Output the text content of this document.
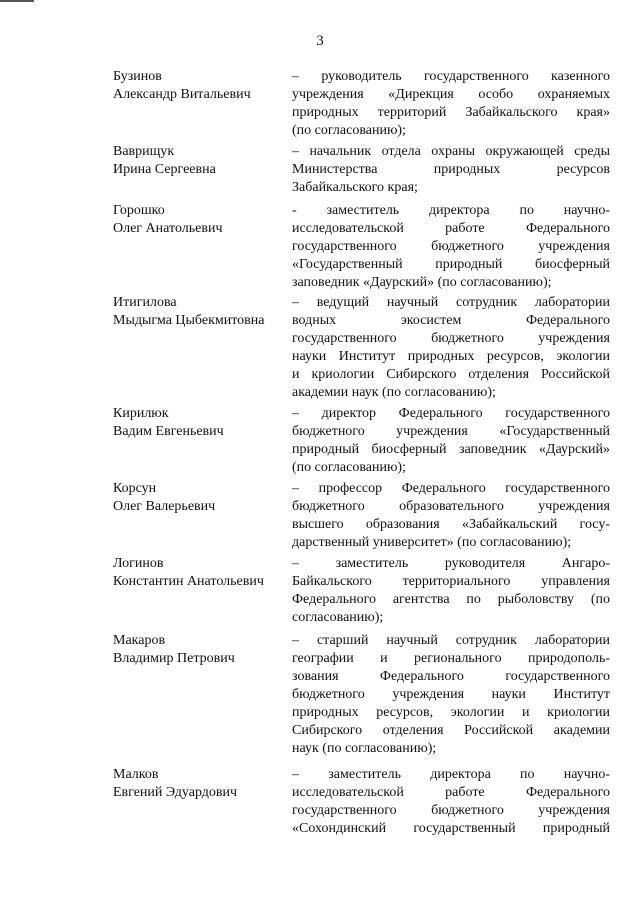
3
Бузинов
Александр Витальевич
– руководитель государственного казенного
учреждения «Дирекция особо охраняемых
природных территорий Забайкальского края»
(по согласованию);
Ваврищук
Ирина Сергеевна
– начальник отдела охраны окружающей среды
Министерства природных ресурсов
Забайкальского края;
Горошко
Олег Анатольевич
- заместитель директора по научно-
исследовательской работе Федерального
государственного бюджетного учреждения
«Государственный природный биосферный
заповедник «Даурский» (по согласованию);
Итигилова
Мыдыгма Цыбекмитовна
– ведущий научный сотрудник лаборатории
водных экосистем Федерального
государственного бюджетного учреждения
науки Институт природных ресурсов, экологии
и криологии Сибирского отделения Российской
академии наук (по согласованию);
Кирилюк
Вадим Евгеньевич
– директор Федерального государственного
бюджетного учреждения «Государственный
природный биосферный заповедник «Даурский»
(по согласованию);
Корсун
Олег Валерьевич
– профессор Федерального государственного
бюджетного образовательного учреждения
высшего образования «Забайкальский госу-
дарственный университет» (по согласованию);
Логинов
Константин Анатольевич
– заместитель руководителя Ангаро-
Байкальского территориального управления
Федерального агентства по рыболовству (по
согласованию);
Макаров
Владимир Петрович
– старший научный сотрудник лаборатории
географии и регионального природополь-
зования Федерального государственного
бюджетного учреждения науки Институт
природных ресурсов, экологии и криологии
Сибирского отделения Российской академии
наук (по согласованию);
Малков
Евгений Эдуардович
– заместитель директора по научно-
исследовательской работе Федерального
государственного бюджетного учреждения
«Сохондинский государственный природный
